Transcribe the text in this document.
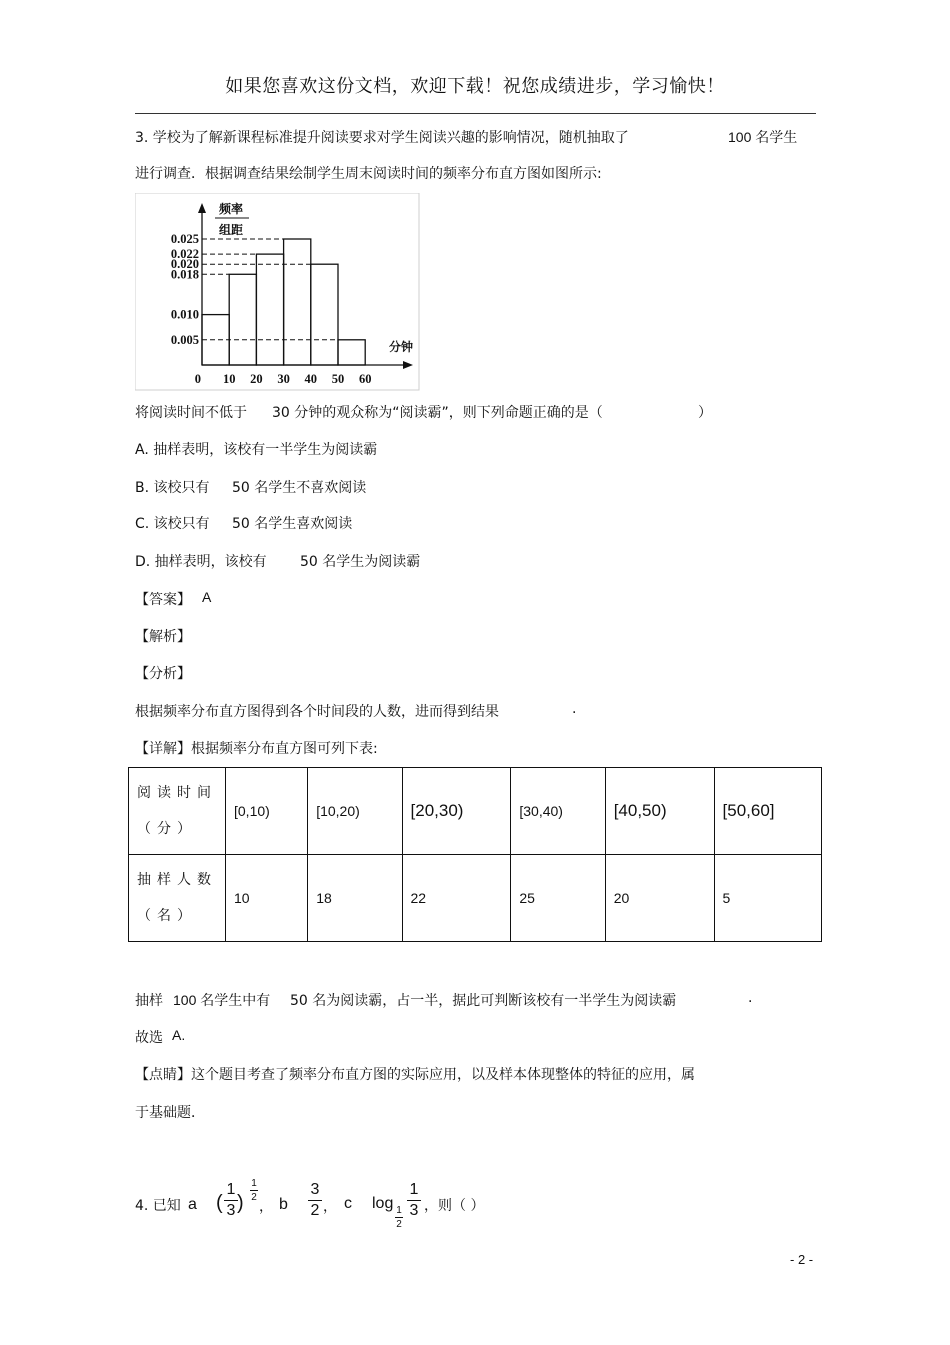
如果您喜欢这份文档，欢迎下载！祝您成绩进步，学习愉快！
3. 学校为了解新课程标准提升阅读要求对学生阅读兴趣的影响情况，随机抽取了	100 名学生
进行调查．根据调查结果绘制学生周末阅读时间的频率分布直方图如图所示:
0.025
0.022
0.020
0.018
0.010
0.005
0 10 20 30 40 50 60
频率
组距
分钟
将阅读时间不低于 30 分钟的观众称为“阅读霸”，则下列命题正确的是（	）
A. 抽样表明，该校有一半学生为阅读霸
B. 该校只有 50 名学生不喜欢阅读
C. 该校只有 50 名学生喜欢阅读
D. 抽样表明，该校有 50 名学生为阅读霸
【答案】 A
【解析】
【分析】
根据频率分布直方图得到各个时间段的人数，进而得到结果	.
【详解】根据频率分布直方图可列下表:
阅读时间（分）	[0,10)	[10,20)	[20,30)	[30,40)	[40,50)	[50,60]
抽样人数（名）	10	18	22	25	20	5
抽样 100 名学生中有 50 名为阅读霸，占一半，据此可判断该校有一半学生为阅读霸	.
故选 A.
【点睛】这个题目考查了频率分布直方图的实际应用，以及样本体现整体的特征的应用，属
于基础题．
4. 已知 a (
1
3 )
1
2
， b
3
2 ， c log 1
2
1
3 ，则（ ）
- 2 -
